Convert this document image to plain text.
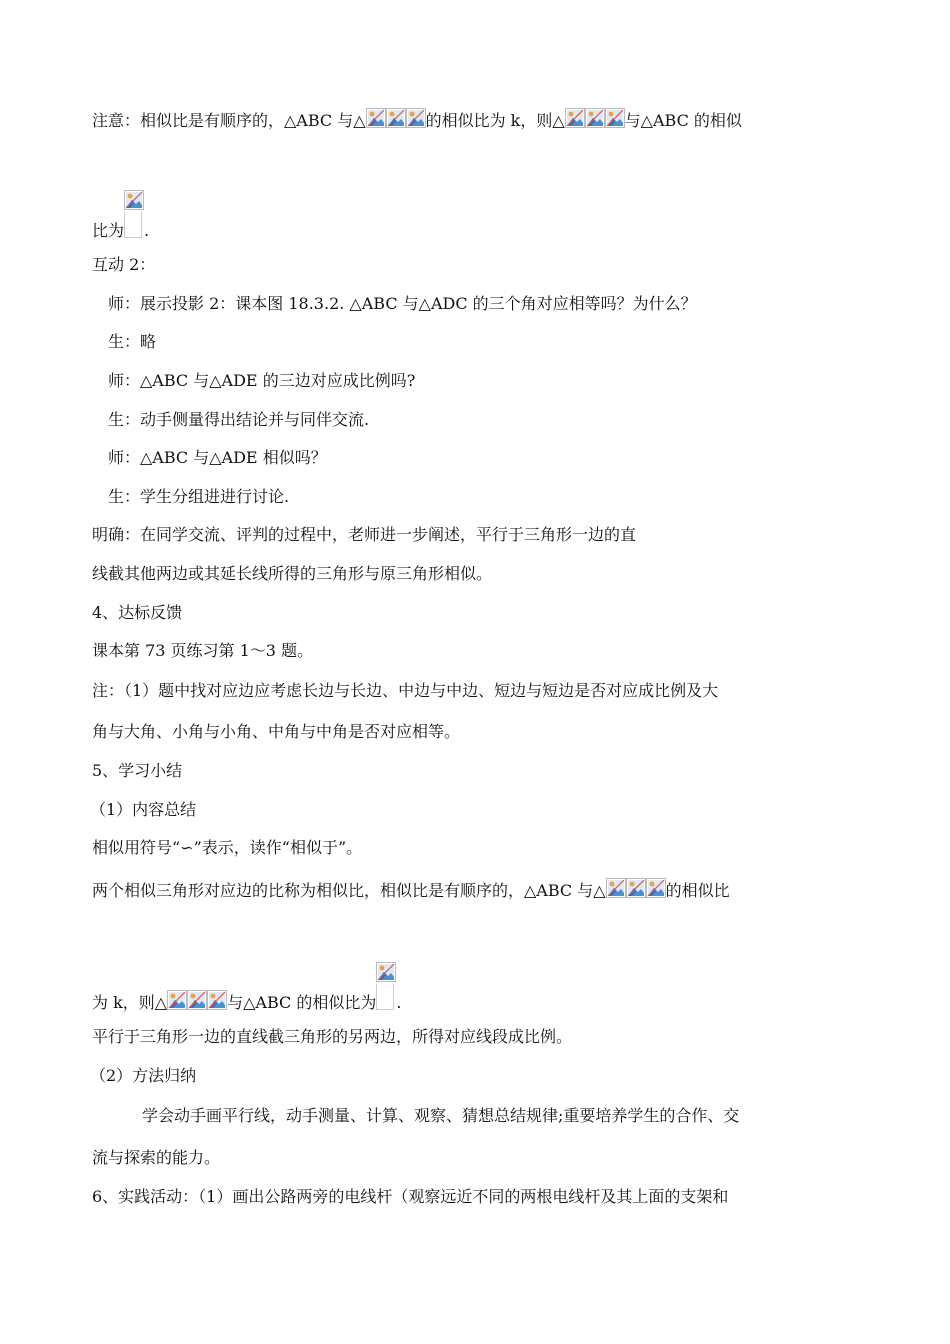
注意：相似比是有顺序的，△ABC 与△	的相似比为 k，则△	与△ABC 的相似
比为 .
互动 2：
师：展示投影 2：课本图 18.3.2. △ABC 与△ADC 的三个角对应相等吗？为什么？
生：略
师：△ABC 与△ADE 的三边对应成比例吗?
生：动手侧量得出结论并与同伴交流.
师：△ABC 与△ADE 相似吗？
生：学生分组进进行讨论.
明确：在同学交流、评判的过程中，老师进一步阐述，平行于三角形一边的直
线截其他两边或其延长线所得的三角形与原三角形相似。
4、达标反馈
课本第 73 页练习第 1～3 题。
注：（1）题中找对应边应考虑长边与长边、中边与中边、短边与短边是否对应成比例及大
角与大角、小角与小角、中角与中角是否对应相等。
5、学习小结
（1）内容总结
相似用符号“∽”表示，读作“相似于”。
两个相似三角形对应边的比称为相似比，相似比是有顺序的，△ABC 与△	的相似比
为 k，则△	与△ABC 的相似比为 .
平行于三角形一边的直线截三角形的另两边，所得对应线段成比例。
（2）方法归纳
学会动手画平行线，动手测量、计算、观察、猜想总结规律;重要培养学生的合作、交
流与探索的能力。
6、实践活动：（1）画出公路两旁的电线杆（观察远近不同的两根电线杆及其上面的支架和
